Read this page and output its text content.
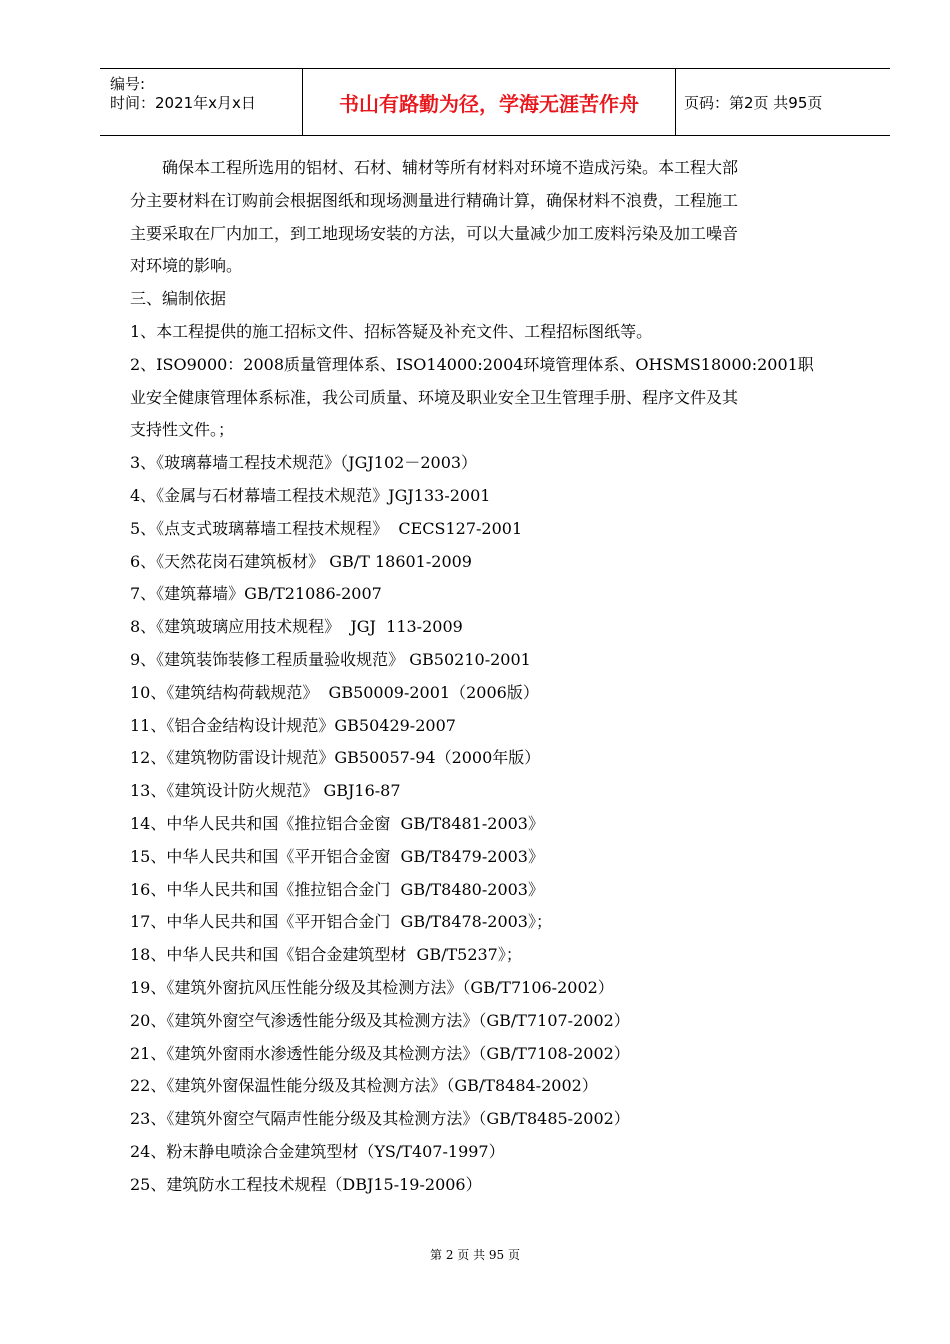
编号:
时间：2021年x月x日	书山有路勤为径，学海无涯苦作舟	页码：第2页 共95页
确保本工程所选用的铝材、石材、辅材等所有材料对环境不造成污染。本工程大部
分主要材料在订购前会根据图纸和现场测量进行精确计算，确保材料不浪费，工程施工
主要采取在厂内加工，到工地现场安装的方法，可以大量减少加工废料污染及加工噪音
对环境的影响。
三、编制依据
1、本工程提供的施工招标文件、招标答疑及补充文件、工程招标图纸等。
2、ISO9000：2008质量管理体系、ISO14000:2004环境管理体系、OHSMS18000:2001职
业安全健康管理体系标准，我公司质量、环境及职业安全卫生管理手册、程序文件及其
支持性文件。；
3、《玻璃幕墙工程技术规范》（JGJ102－2003）
4、《金属与石材幕墙工程技术规范》JGJ133-2001
5、《点支式玻璃幕墙工程技术规程》  CECS127-2001
6、《天然花岗石建筑板材》 GB/T 18601-2009
7、《建筑幕墙》GB/T21086-2007
8、《建筑玻璃应用技术规程》  JGJ  113-2009
9、《建筑装饰装修工程质量验收规范》 GB50210-2001
10、《建筑结构荷载规范》  GB50009-2001（2006版）
11、《铝合金结构设计规范》GB50429-2007
12、《建筑物防雷设计规范》GB50057-94（2000年版）
13、《建筑设计防火规范》 GBJ16-87
14、中华人民共和国《推拉铝合金窗  GB/T8481-2003》
15、中华人民共和国《平开铝合金窗  GB/T8479-2003》
16、中华人民共和国《推拉铝合金门  GB/T8480-2003》
17、中华人民共和国《平开铝合金门  GB/T8478-2003》；
18、中华人民共和国《铝合金建筑型材  GB/T5237》；
19、《建筑外窗抗风压性能分级及其检测方法》（GB/T7106-2002）
20、《建筑外窗空气渗透性能分级及其检测方法》（GB/T7107-2002）
21、《建筑外窗雨水渗透性能分级及其检测方法》（GB/T7108-2002）
22、《建筑外窗保温性能分级及其检测方法》（GB/T8484-2002）
23、《建筑外窗空气隔声性能分级及其检测方法》（GB/T8485-2002）
24、粉末静电喷涂合金建筑型材（YS/T407-1997）
25、建筑防水工程技术规程（DBJ15-19-2006）
第 2 页 共 95 页
